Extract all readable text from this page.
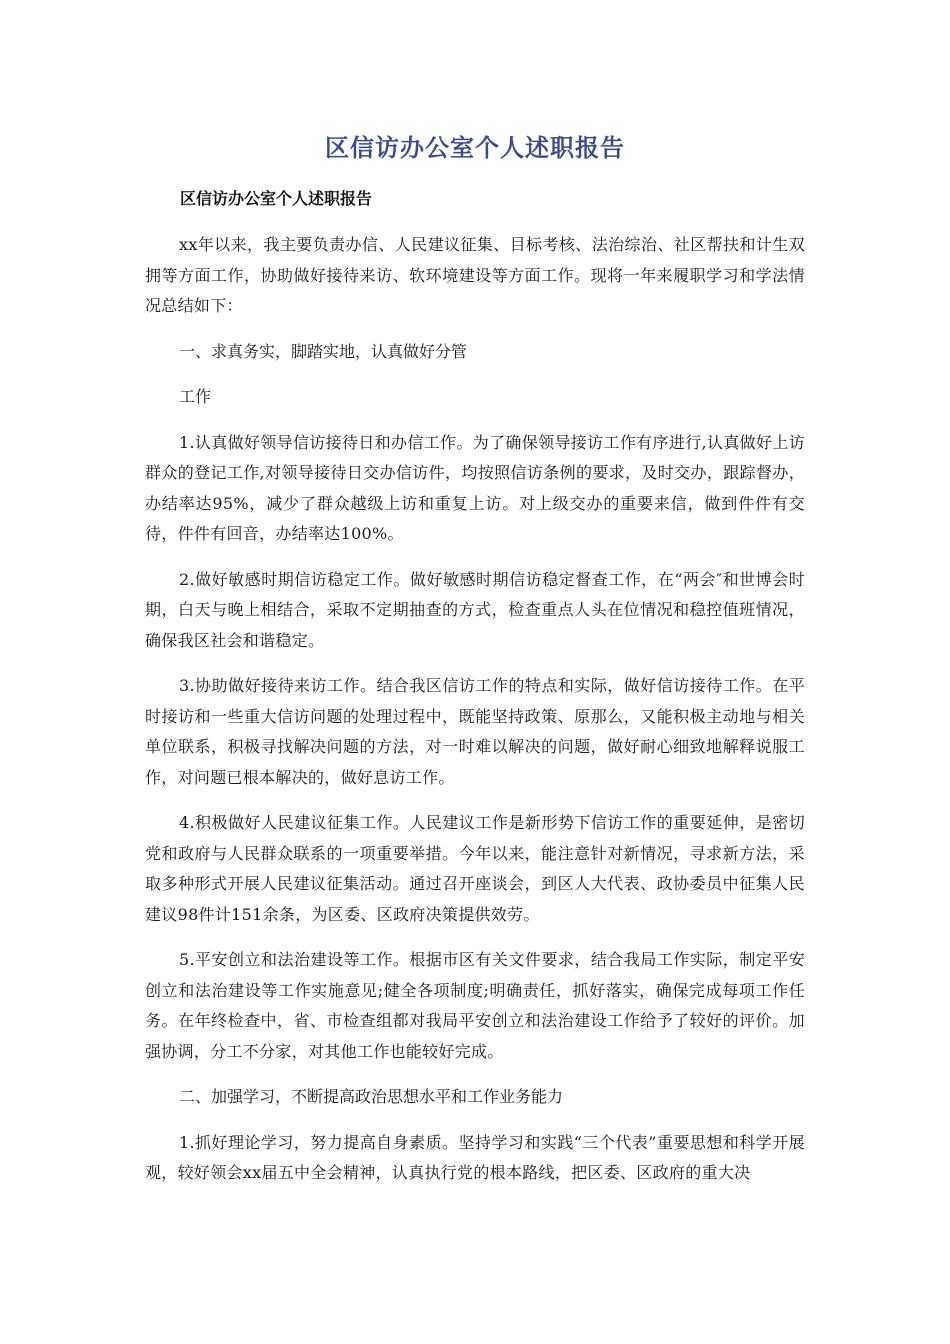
区信访办公室个人述职报告
区信访办公室个人述职报告

xx年以来，我主要负责办信、人民建议征集、目标考核、法治综治、社区帮扶和计生双拥等方面工作，协助做好接待来访、软环境建设等方面工作。现将一年来履职学习和学法情况总结如下：

一、求真务实，脚踏实地，认真做好分管

工作

1.认真做好领导信访接待日和办信工作。为了确保领导接访工作有序进行,认真做好上访群众的登记工作,对领导接待日交办信访件，均按照信访条例的要求，及时交办，跟踪督办，办结率达95%，减少了群众越级上访和重复上访。对上级交办的重要来信，做到件件有交待，件件有回音，办结率达100%。

2.做好敏感时期信访稳定工作。做好敏感时期信访稳定督查工作，在“两会″和世博会时期，白天与晚上相结合，采取不定期抽查的方式，检查重点人头在位情况和稳控值班情况，确保我区社会和谐稳定。

3.协助做好接待来访工作。结合我区信访工作的特点和实际，做好信访接待工作。在平时接访和一些重大信访问题的处理过程中，既能坚持政策、原那么，又能积极主动地与相关单位联系，积极寻找解决问题的方法，对一时难以解决的问题，做好耐心细致地解释说服工作，对问题已根本解决的，做好息访工作。

4.积极做好人民建议征集工作。人民建议工作是新形势下信访工作的重要延伸，是密切党和政府与人民群众联系的一项重要举措。今年以来，能注意针对新情况，寻求新方法，采取多种形式开展人民建议征集活动。通过召开座谈会，到区人大代表、政协委员中征集人民建议98件计151余条，为区委、区政府决策提供效劳。

5.平安创立和法治建设等工作。根据市区有关文件要求，结合我局工作实际，制定平安创立和法治建设等工作实施意见;健全各项制度;明确责任，抓好落实，确保完成每项工作任务。在年终检查中，省、市检查组都对我局平安创立和法治建设工作给予了较好的评价。加强协调，分工不分家，对其他工作也能较好完成。

二、加强学习，不断提高政治思想水平和工作业务能力

1.抓好理论学习，努力提高自身素质。坚持学习和实践“三个代表”重要思想和科学开展观，较好领会xx届五中全会精神，认真执行党的根本路线，把区委、区政府的重大决
